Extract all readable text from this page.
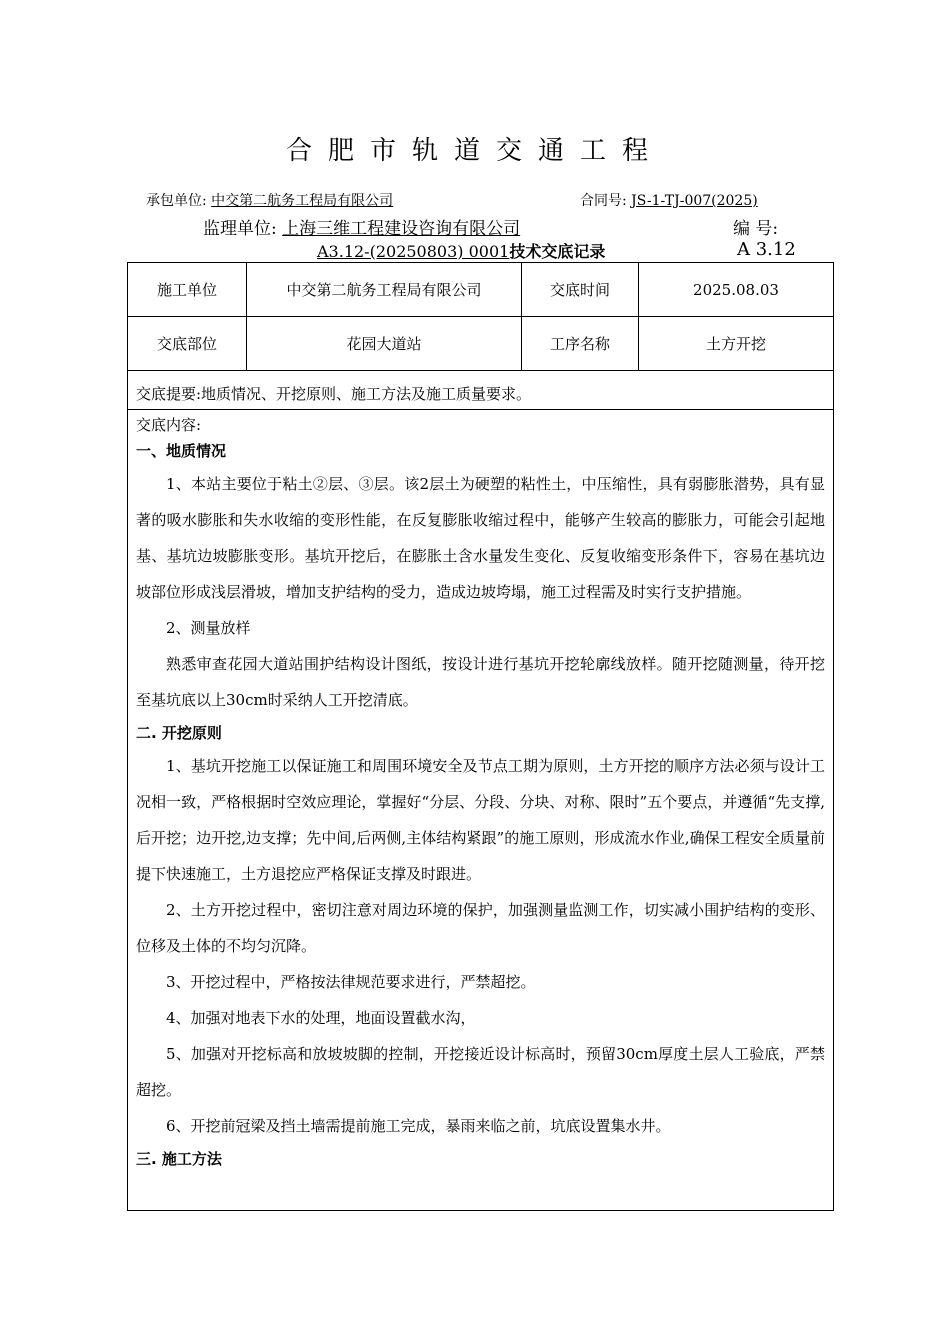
合肥市轨道交通工程
承包单位: 中交第二航务工程局有限公司	合同号: JS-1-TJ-007(2025)
监理单位: 上海三维工程建设咨询有限公司	编 号:
A3.12-(20250803) 0001技术交底记录	A 3.12
施工单位	中交第二航务工程局有限公司	交底时间	2025.08.03
交底部位	花园大道站	工序名称	土方开挖
交底提要:地质情况、开挖原则、施工方法及施工质量要求。

交底内容:

一、地质情况

1、本站主要位于粘土②层、③层。该2层土为硬塑的粘性土，中压缩性，具有弱膨胀潜势，具有显著的吸水膨胀和失水收缩的变形性能，在反复膨胀收缩过程中，能够产生较高的膨胀力，可能会引起地基、基坑边坡膨胀变形。基坑开挖后，在膨胀土含水量发生变化、反复收缩变形条件下，容易在基坑边坡部位形成浅层滑坡，增加支护结构的受力，造成边坡垮塌，施工过程需及时实行支护措施。

2、测量放样

熟悉审查花园大道站围护结构设计图纸，按设计进行基坑开挖轮廓线放样。随开挖随测量，待开挖至基坑底以上30cm时采纳人工开挖清底。

二. 开挖原则

1、基坑开挖施工以保证施工和周围环境安全及节点工期为原则，土方开挖的顺序方法必须与设计工况相一致，严格根据时空效应理论，掌握好“分层、分段、分块、对称、限时”五个要点，并遵循“先支撑,后开挖；边开挖,边支撑；先中间,后两侧,主体结构紧跟”的施工原则，形成流水作业,确保工程安全质量前提下快速施工，土方退挖应严格保证支撑及时跟进。

2、土方开挖过程中，密切注意对周边环境的保护，加强测量监测工作，切实减小围护结构的变形、位移及土体的不均匀沉降。

3、开挖过程中，严格按法律规范要求进行，严禁超挖。

4、加强对地表下水的处理，地面设置截水沟，

5、加强对开挖标高和放坡坡脚的控制，开挖接近设计标高时，预留30cm厚度土层人工验底，严禁超挖。

6、开挖前冠梁及挡土墙需提前施工完成，暴雨来临之前，坑底设置集水井。

三. 施工方法
